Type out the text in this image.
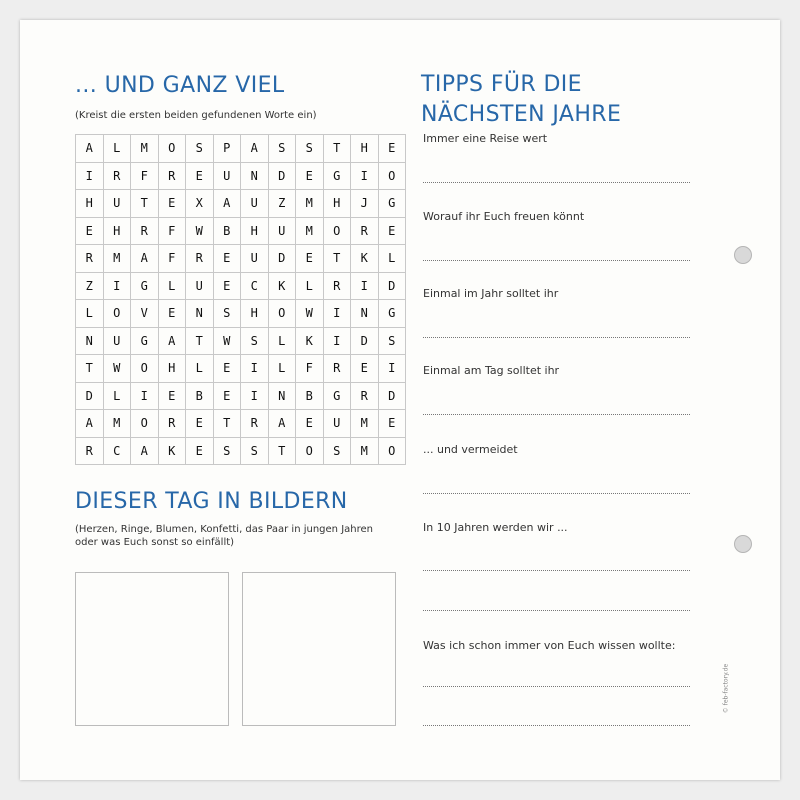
... UND GANZ VIEL

(Kreist die ersten beiden gefundenen Worte ein)

A	L	M	O	S	P	A	S	S	T	H	E
I	R	F	R	E	U	N	D	E	G	I	O
H	U	T	E	X	A	U	Z	M	H	J	G
E	H	R	F	W	B	H	U	M	O	R	E
R	M	A	F	R	E	U	D	E	T	K	L
Z	I	G	L	U	E	C	K	L	R	I	D
L	O	V	E	N	S	H	O	W	I	N	G
N	U	G	A	T	W	S	L	K	I	D	S
T	W	O	H	L	E	I	L	F	R	E	I
D	L	I	E	B	E	I	N	B	G	R	D
A	M	O	R	E	T	R	A	E	U	M	E
R	C	A	K	E	S	S	T	O	S	M	O
DIESER TAG IN BILDERN

(Herzen, Ringe, Blumen, Konfetti, das Paar in jungen Jahren

oder was Euch sonst so einfällt)

TIPPS FÜR DIE
NÄCHSTEN JAHRE

Immer eine Reise wert

Worauf ihr Euch freuen könnt

Einmal im Jahr solltet ihr

Einmal am Tag solltet ihr

... und vermeidet

In 10 Jahren werden wir ...

Was ich schon immer von Euch wissen wollte:

© feb-factory.de
